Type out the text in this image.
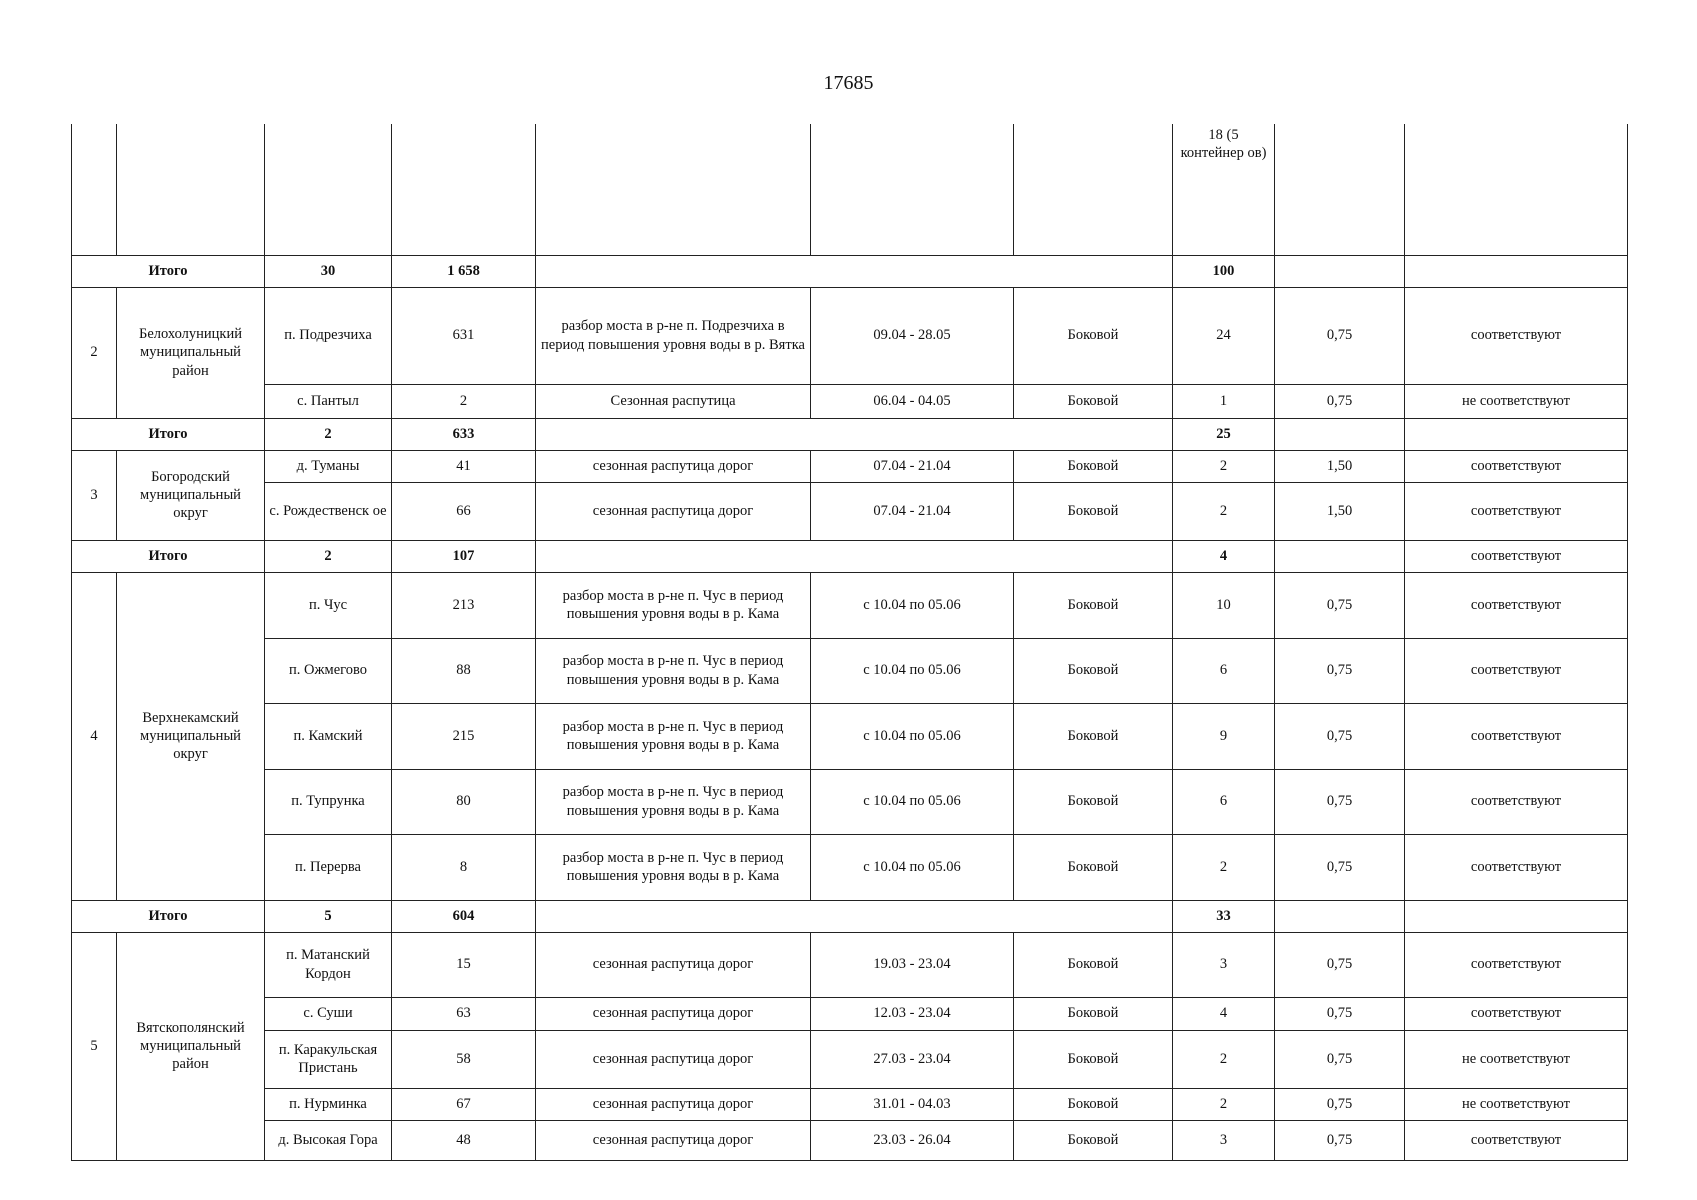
17685
							18 (5 контейнер ов)		
Итого		30	1 658				100		
2	Белохолуницкий муниципальный район	п. Подрезчиха	631	разбор моста в р-не п. Подрезчиха в период повышения уровня воды в р. Вятка	09.04 - 28.05	Боковой	24	0,75	соответствуют
		с. Пантыл	2	Сезонная распутица	06.04 - 04.05	Боковой	1	0,75	не соответствуют
Итого		2	633				25		
3	Богородский муниципальный округ	д. Туманы	41	сезонная распутица дорог	07.04 - 21.04	Боковой	2	1,50	соответствуют
		с. Рождественск ое	66	сезонная распутица дорог	07.04 - 21.04	Боковой	2	1,50	соответствуют
Итого		2	107				4		соответствуют
4	Верхнекамский муниципальный округ	п. Чус	213	разбор моста в р-не п. Чус в период повышения уровня воды в р. Кама	с 10.04 по 05.06	Боковой	10	0,75	соответствуют
		п. Ожмегово	88	разбор моста в р-не п. Чус в период повышения уровня воды в р. Кама	с 10.04 по 05.06	Боковой	6	0,75	соответствуют
		п. Камский	215	разбор моста в р-не п. Чус в период повышения уровня воды в р. Кама	с 10.04 по 05.06	Боковой	9	0,75	соответствуют
		п. Тупрунка	80	разбор моста в р-не п. Чус в период повышения уровня воды в р. Кама	с 10.04 по 05.06	Боковой	6	0,75	соответствуют
		п. Перерва	8	разбор моста в р-не п. Чус в период повышения уровня воды в р. Кама	с 10.04 по 05.06	Боковой	2	0,75	соответствуют
Итого		5	604				33		
5	Вятскополянский муниципальный район	п. Матанский Кордон	15	сезонная распутица дорог	19.03 - 23.04	Боковой	3	0,75	соответствуют
		с. Суши	63	сезонная распутица дорог	12.03 - 23.04	Боковой	4	0,75	соответствуют
		п. Каракульская Пристань	58	сезонная распутица дорог	27.03 - 23.04	Боковой	2	0,75	не соответствуют
		п. Нурминка	67	сезонная распутица дорог	31.01 - 04.03	Боковой	2	0,75	не соответствуют
		д. Высокая Гора	48	сезонная распутица дорог	23.03 - 26.04	Боковой	3	0,75	соответствуют
